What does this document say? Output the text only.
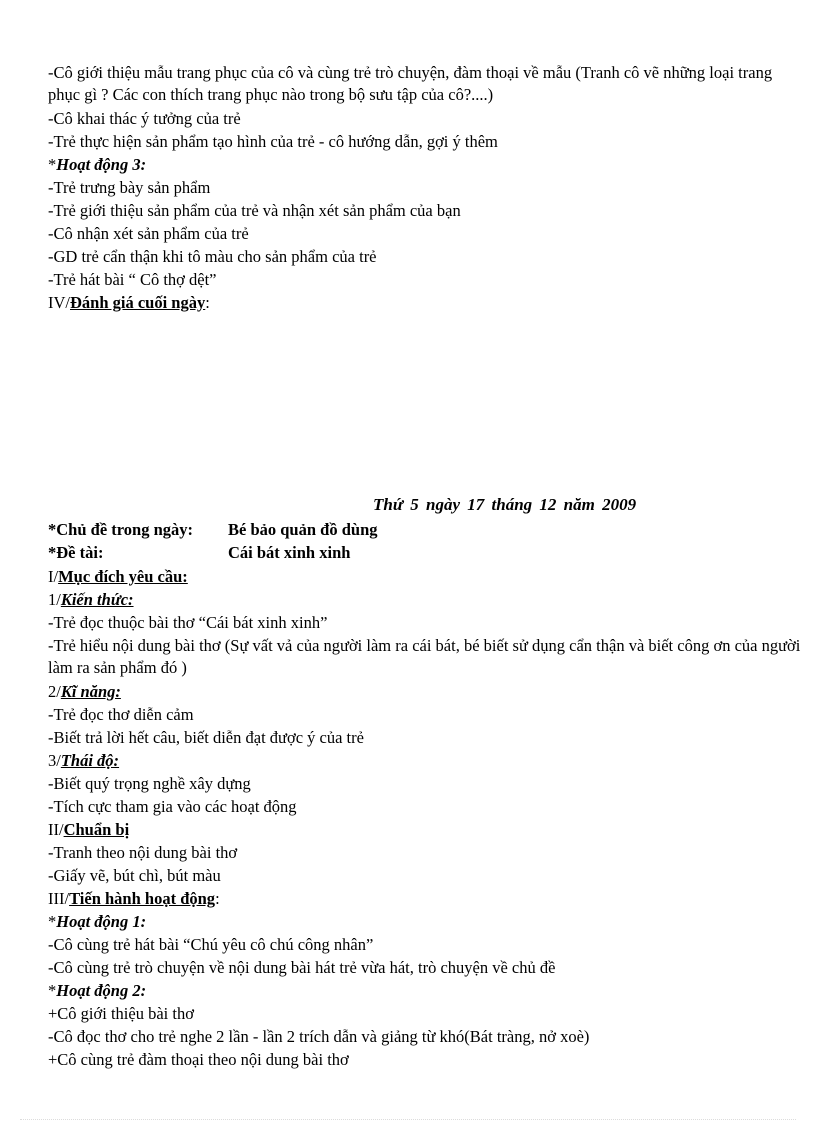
-Cô giới thiệu mẫu trang phục của cô và cùng trẻ trò chuyện, đàm thoại về mẫu (Tranh cô vẽ những loại trang phục gì ? Các con thích trang phục nào trong bộ sưu tập của cô?....)
-Cô khai thác ý tưởng của trẻ
-Trẻ thực hiện sản phẩm tạo hình của trẻ - cô hướng dẫn, gợi ý thêm
*Hoạt động 3:
-Trẻ trưng bày sản phẩm
-Trẻ giới thiệu sản phẩm của trẻ và nhận xét sản phẩm của bạn
-Cô nhận xét sản phẩm của trẻ
-GD trẻ cẩn thận khi tô màu cho sản phẩm của trẻ
-Trẻ hát bài “ Cô thợ dệt”
IV/Đánh giá cuối ngày:
Thứ 5 ngày 17 tháng 12 năm 2009
*Chủ đề trong ngày: Bé bảo quản đồ dùng
*Đề tài:	Cái bát xinh xinh
I/Mục đích yêu cầu:
1/Kiến thức:
-Trẻ đọc thuộc bài thơ “Cái bát xinh xinh”
-Trẻ hiểu nội dung bài thơ (Sự vất vả của người làm ra cái bát, bé biết sử dụng cẩn thận và biết công ơn của người làm ra sản phẩm đó )
2/Kĩ năng:
-Trẻ đọc thơ diễn cảm
-Biết trả lời hết câu, biết diễn đạt được ý của trẻ
3/Thái độ:
-Biết quý trọng nghề xây dựng
-Tích cực tham gia vào các hoạt động
II/Chuẩn bị
-Tranh theo nội dung bài thơ
-Giấy vẽ, bút chì, bút màu
III/Tiến hành hoạt động:
*Hoạt động 1:
-Cô cùng trẻ hát bài “Chú yêu cô chú công nhân”
-Cô cùng trẻ trò chuyện về nội dung bài hát trẻ vừa hát, trò chuyện về chủ đề
*Hoạt động 2:
+Cô giới thiệu bài thơ
-Cô đọc thơ cho trẻ nghe 2 lần - lần 2 trích dẫn và giảng từ khó(Bát tràng, nở xoè)
+Cô cùng trẻ đàm thoại theo nội dung bài thơ
